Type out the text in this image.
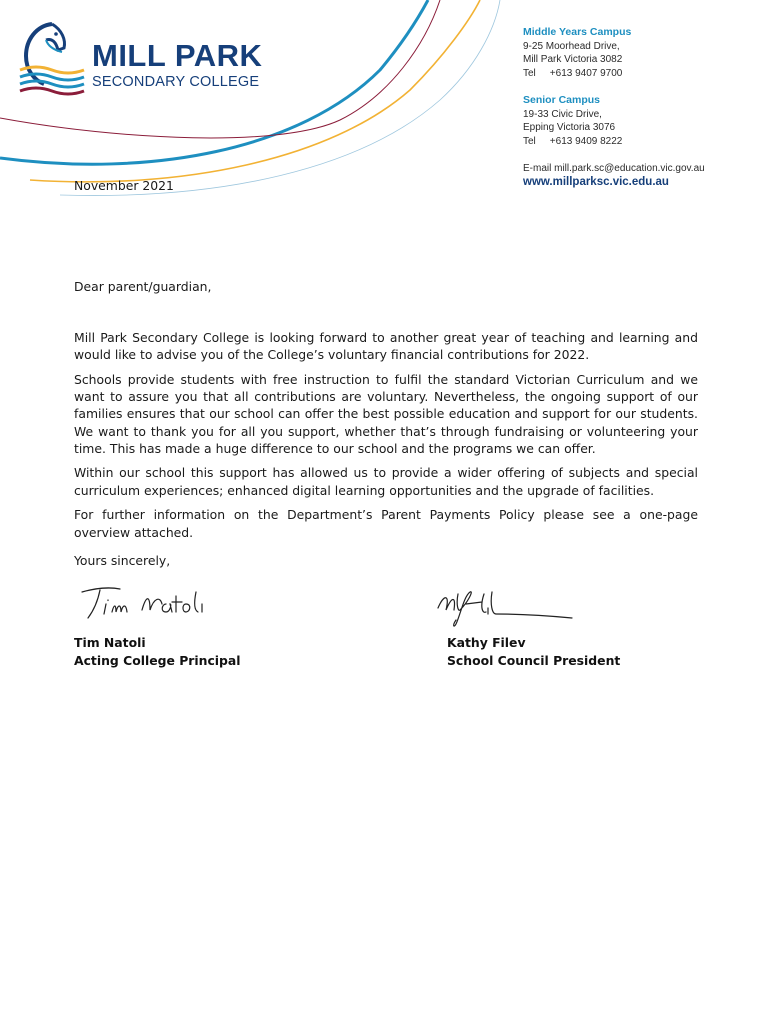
MILL PARK
SECONDARY COLLEGE
Middle Years Campus
9-25 Moorhead Drive,
Mill Park Victoria 3082
Tel +613 9407 9700
Senior Campus
19-33 Civic Drive,
Epping Victoria 3076
Tel +613 9409 8222
E-mail mill.park.sc@education.vic.gov.au
www.millparksc.vic.edu.au
November 2021
Dear parent/guardian,

Mill Park Secondary College is looking forward to another great year of teaching and learning and would like to advise you of the College’s voluntary financial contributions for 2022.

Schools provide students with free instruction to fulfil the standard Victorian Curriculum and we want to assure you that all contributions are voluntary. Nevertheless, the ongoing support of our families ensures that our school can offer the best possible education and support for our students. We want to thank you for all you support, whether that’s through fundraising or volunteering your time. This has made a huge difference to our school and the programs we can offer.

Within our school this support has allowed us to provide a wider offering of subjects and special curriculum experiences; enhanced digital learning opportunities and the upgrade of facilities.

For further information on the Department’s Parent Payments Policy please see a one-page overview attached.

Yours sincerely,
Tim Natoli
Acting College Principal
Kathy Filev
School Council President
